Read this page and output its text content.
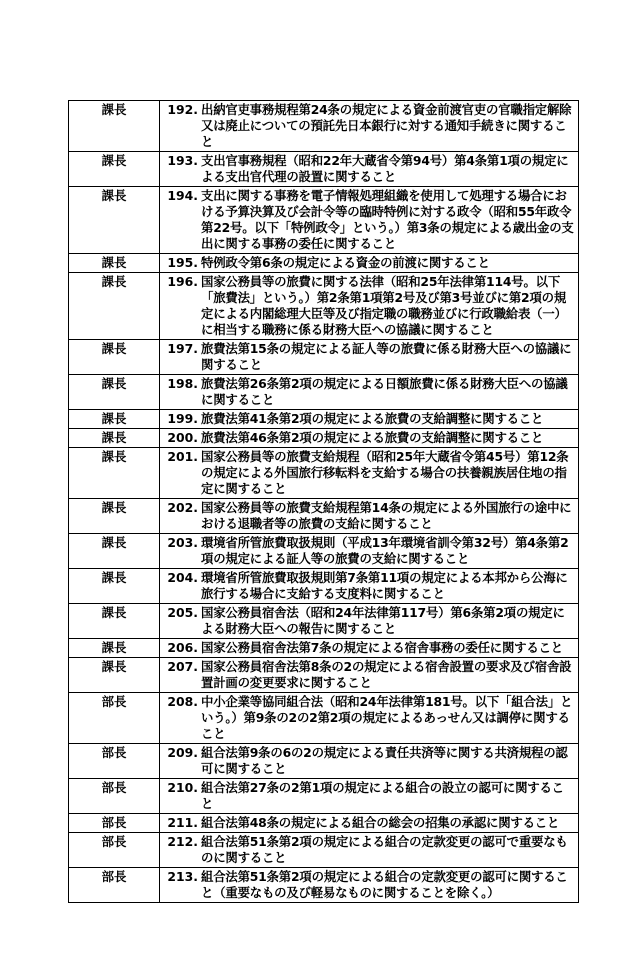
課長	192. 出納官吏事務規程第24条の規定による資金前渡官吏の官職指定解除又は廃止についての預託先日本銀行に対する通知手続きに関すること

課長	193. 支出官事務規程（昭和22年大蔵省令第94号）第4条第1項の規定による支出官代理の設置に関すること

課長	194. 支出に関する事務を電子情報処理組織を使用して処理する場合における予算決算及び会計令等の臨時特例に対する政令（昭和55年政令第22号。以下「特例政令」という。）第3条の規定による歳出金の支出に関する事務の委任に関すること

課長	195. 特例政令第6条の規定による資金の前渡に関すること

課長	196. 国家公務員等の旅費に関する法律（昭和25年法律第114号。以下「旅費法」という。）第2条第1項第2号及び第3号並びに第2項の規定による内閣総理大臣等及び指定職の職務並びに行政職給表（一）に相当する職務に係る財務大臣への協議に関すること

課長	197. 旅費法第15条の規定による証人等の旅費に係る財務大臣への協議に関すること

課長	198. 旅費法第26条第2項の規定による日額旅費に係る財務大臣への協議に関すること

課長	199. 旅費法第41条第2項の規定による旅費の支給調整に関すること

課長	200. 旅費法第46条第2項の規定による旅費の支給調整に関すること

課長	201. 国家公務員等の旅費支給規程（昭和25年大蔵省令第45号）第12条の規定による外国旅行移転料を支給する場合の扶養親族居住地の指定に関すること

課長	202. 国家公務員等の旅費支給規程第14条の規定による外国旅行の途中における退職者等の旅費の支給に関すること

課長	203. 環境省所管旅費取扱規則（平成13年環境省訓令第32号）第4条第2項の規定による証人等の旅費の支給に関すること

課長	204. 環境省所管旅費取扱規則第7条第11項の規定による本邦から公海に旅行する場合に支給する支度料に関すること

課長	205. 国家公務員宿舎法（昭和24年法律第117号）第6条第2項の規定による財務大臣への報告に関すること

課長	206. 国家公務員宿舎法第7条の規定による宿舎事務の委任に関すること

課長	207. 国家公務員宿舎法第8条の2の規定による宿舎設置の要求及び宿舎設置計画の変更要求に関すること

部長	208. 中小企業等協同組合法（昭和24年法律第181号。以下「組合法」という。）第9条の2の2第2項の規定によるあっせん又は調停に関すること

部長	209. 組合法第9条の6の2の規定による責任共済等に関する共済規程の認可に関すること

部長	210. 組合法第27条の2第1項の規定による組合の設立の認可に関すること

部長	211. 組合法第48条の規定による組合の総会の招集の承認に関すること

部長	212. 組合法第51条第2項の規定による組合の定款変更の認可で重要なものに関すること

部長	213. 組合法第51条第2項の規定による組合の定款変更の認可に関すること（重要なもの及び軽易なものに関することを除く。）
